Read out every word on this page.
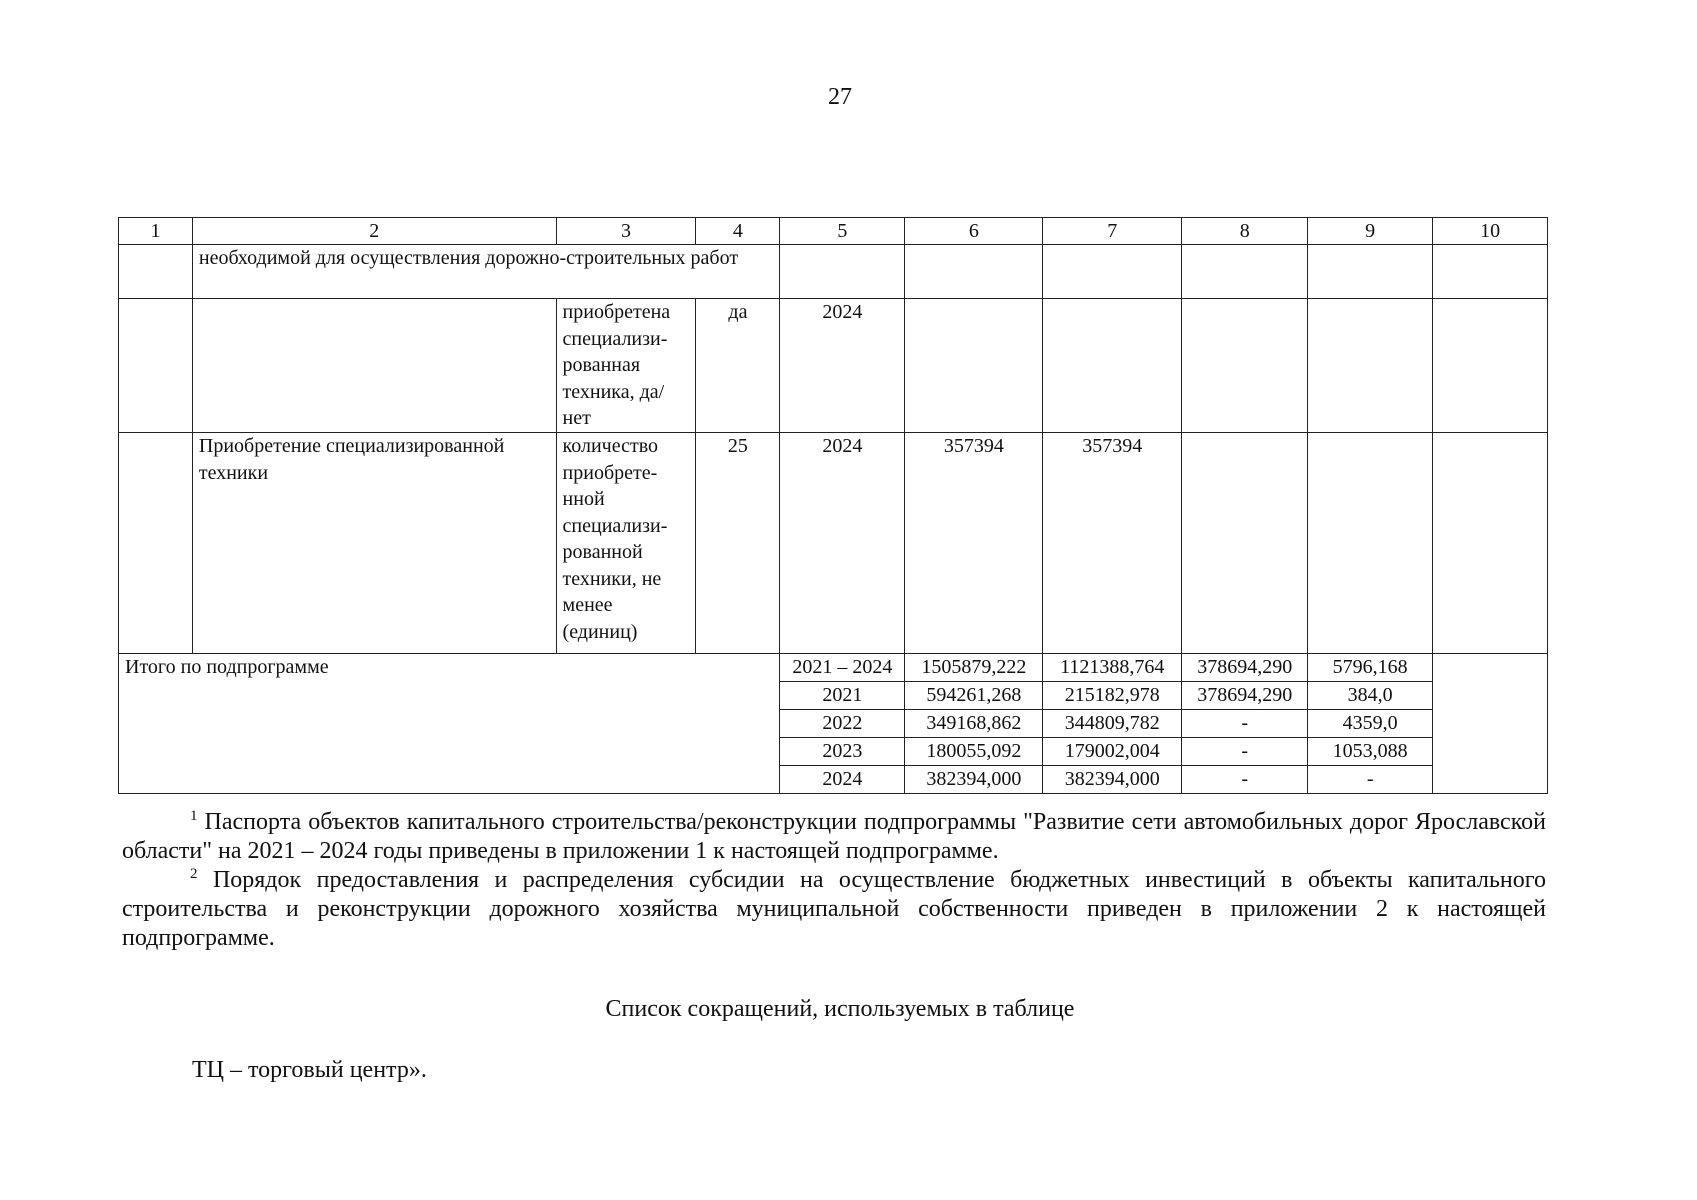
27
1	2	3	4	5	6	7	8	9	10
	необходимой для осуществления дорожно-строительных работ								
		приобретена специализи-рованная техника, да/нет	да	2024					
	Приобретение специализированной техники	количество приобрете-нной специализи-рованной техники, не менее (единиц)	25	2024	357394	357394			
Итого по подпрограмме				2021 – 2024	1505879,222	1121388,764	378694,290	5796,168	
				2021	594261,268	215182,978	378694,290	384,0	
				2022	349168,862	344809,782	-	4359,0	
				2023	180055,092	179002,004	-	1053,088	
				2024	382394,000	382394,000	-	-	

$^1$ Паспорта объектов капитального строительства/реконструкции подпрограммы "Развитие сети автомобильных дорог Ярославской области" на 2021 – 2024 годы приведены в приложении 1 к настоящей подпрограмме.

$^2$ Порядок предоставления и распределения субсидии на осуществление бюджетных инвестиций в объекты капитального строительства и реконструкции дорожного хозяйства муниципальной собственности приведен в приложении 2 к настоящей подпрограмме.

Список сокращений, используемых в таблице
ТЦ – торговый центр».
